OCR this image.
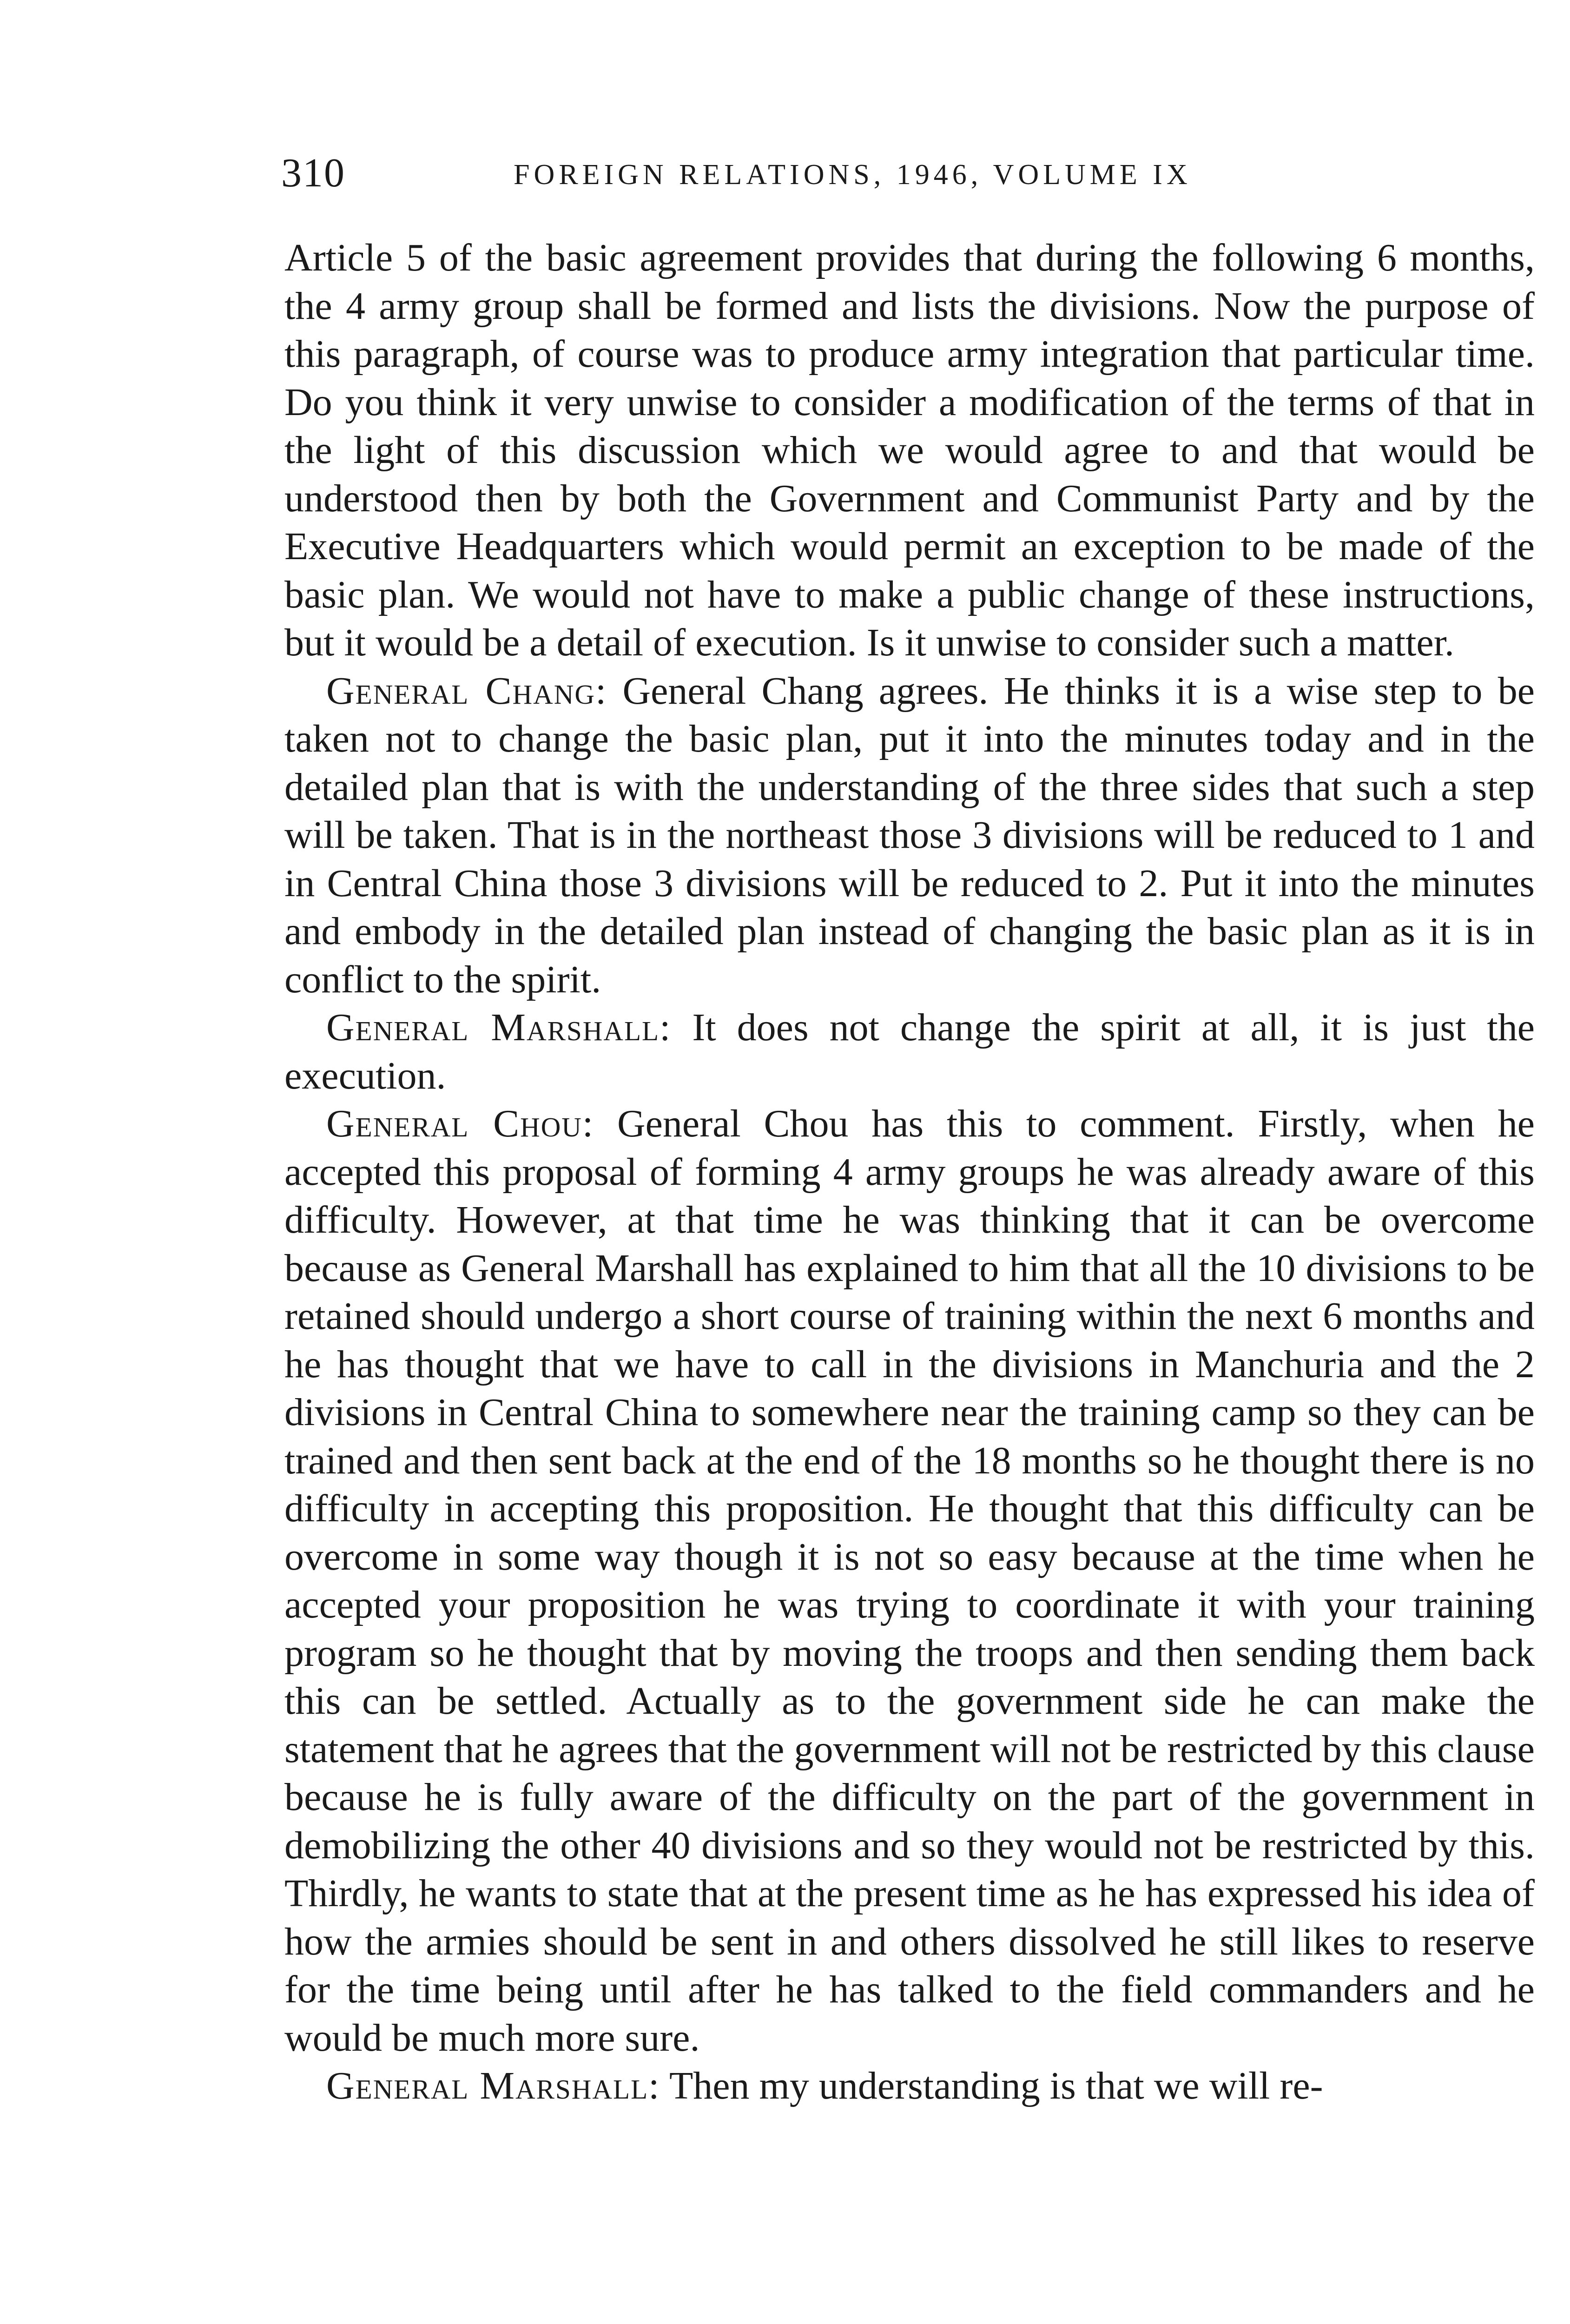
310	FOREIGN RELATIONS, 1946, VOLUME IX

Article 5 of the basic agreement provides that during the following 6 months, the 4 army group shall be formed and lists the divisions. Now the purpose of this paragraph, of course was to produce army integration that particular time. Do you think it very unwise to consider a modification of the terms of that in the light of this discussion which we would agree to and that would be understood then by both the Government and Communist Party and by the Executive Headquarters which would permit an exception to be made of the basic plan. We would not have to make a public change of these instructions, but it would be a detail of execution. Is it unwise to consider such a matter.

General Chang: General Chang agrees. He thinks it is a wise step to be taken not to change the basic plan, put it into the minutes today and in the detailed plan that is with the understanding of the three sides that such a step will be taken. That is in the northeast those 3 divisions will be reduced to 1 and in Central China those 3 divisions will be reduced to 2. Put it into the minutes and embody in the detailed plan instead of changing the basic plan as it is in conflict to the spirit.

General Marshall: It does not change the spirit at all, it is just the execution.

General Chou: General Chou has this to comment. Firstly, when he accepted this proposal of forming 4 army groups he was already aware of this difficulty. However, at that time he was thinking that it can be overcome because as General Marshall has explained to him that all the 10 divisions to be retained should undergo a short course of training within the next 6 months and he has thought that we have to call in the divisions in Manchuria and the 2 divisions in Central China to somewhere near the training camp so they can be trained and then sent back at the end of the 18 months so he thought there is no difficulty in accepting this proposition. He thought that this difficulty can be overcome in some way though it is not so easy because at the time when he accepted your proposition he was trying to coordinate it with your training program so he thought that by moving the troops and then sending them back this can be settled. Actually as to the government side he can make the statement that he agrees that the government will not be restricted by this clause because he is fully aware of the difficulty on the part of the government in demobilizing the other 40 divisions and so they would not be restricted by this. Thirdly, he wants to state that at the present time as he has expressed his idea of how the armies should be sent in and others dissolved he still likes to reserve for the time being until after he has talked to the field commanders and he would be much more sure.

General Marshall: Then my understanding is that we will re-
